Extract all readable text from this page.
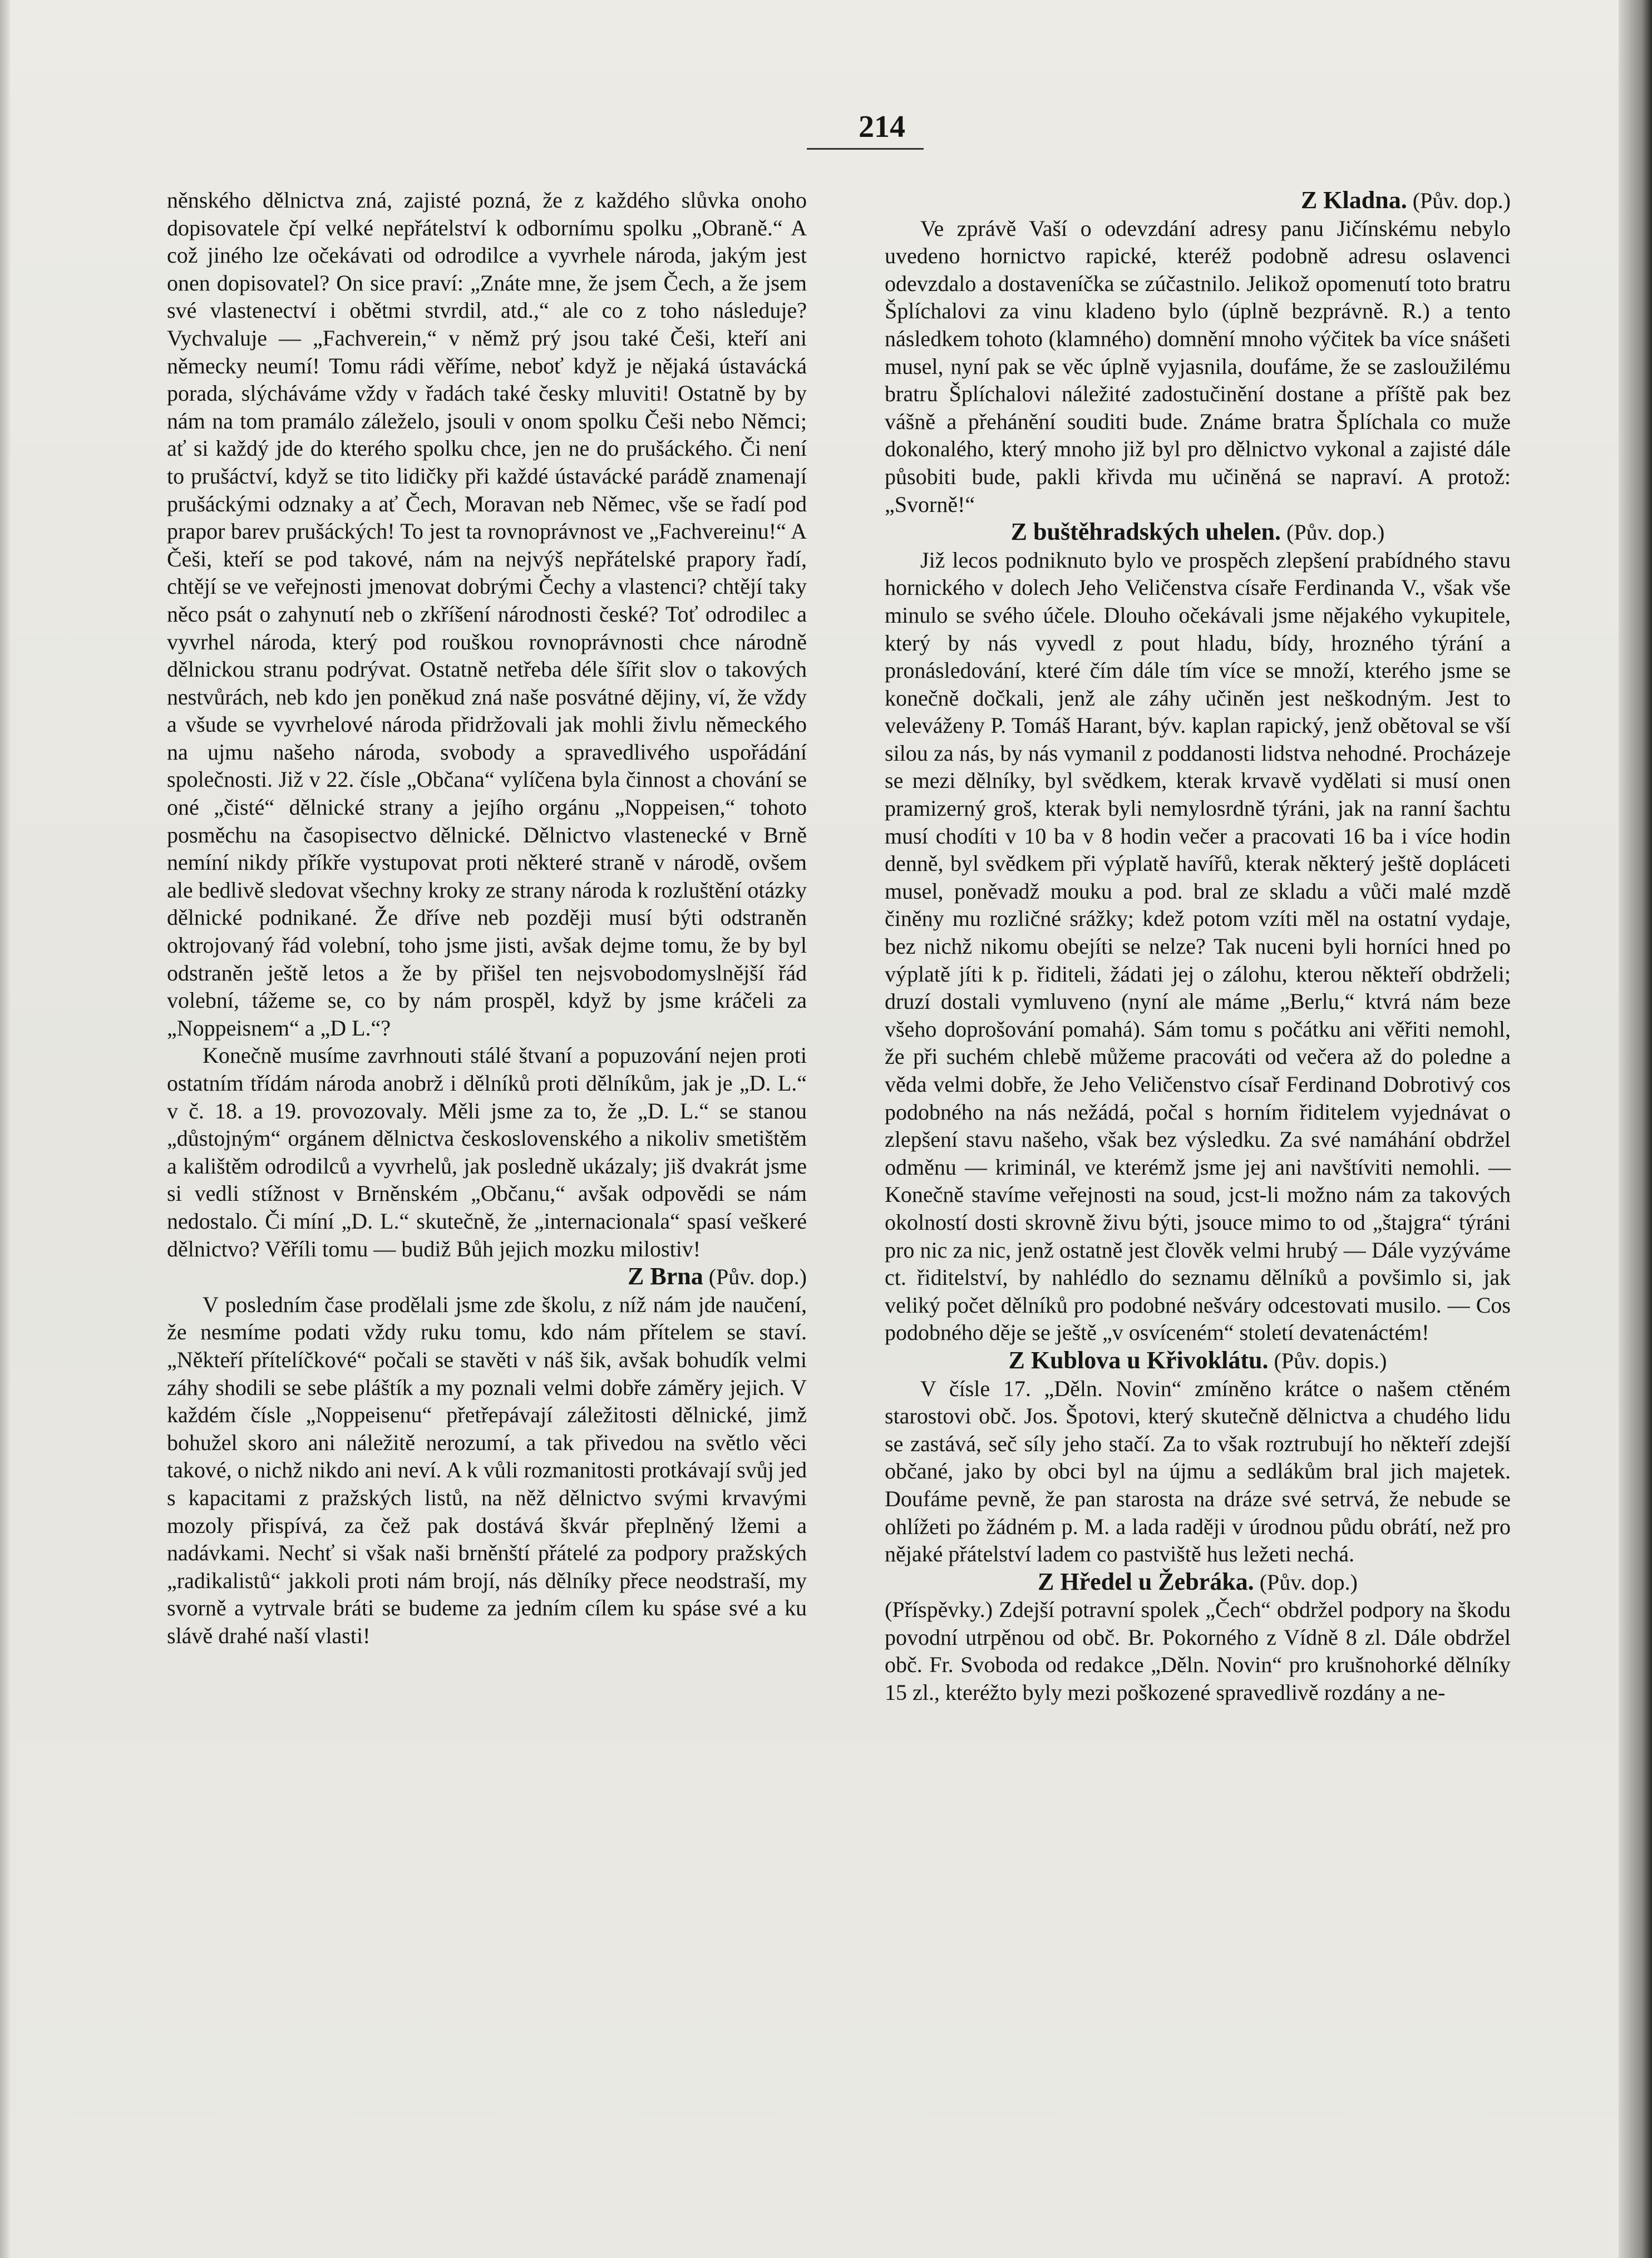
214

něnského dělnictva zná, zajisté pozná, že z každého slůvka onoho dopisovatele čpí velké nepřátelství k odbornímu spolku „Obraně.“ A což jiného lze očekávati od odrodilce a vyvrhele národa, jakým jest onen dopisovatel? On sice praví: „Znáte mne, že jsem Čech, a že jsem své vlastenectví i obětmi stvrdil, atd.,“ ale co z toho následuje? Vychvaluje — „Fachverein,“ v němž prý jsou také Češi, kteří ani německy neumí! Tomu rádi věříme, neboť když je nějaká ústavácká porada, slýcháváme vždy v řadách také česky mluviti! Ostatně by by nám na tom pramálo záleželo, jsouli v onom spolku Češi nebo Němci; ať si každý jde do kterého spolku chce, jen ne do prušáckého. Či není to prušáctví, když se tito lidičky při každé ústavácké parádě znamenají prušáckými odznaky a ať Čech, Moravan neb Němec, vše se řadí pod prapor barev prušáckých! To jest ta rovnoprávnost ve „Fachvereinu!“ A Češi, kteří se pod takové, nám na nejvýš nepřátelské prapory řadí, chtějí se ve veřejnosti jmenovat dobrými Čechy a vlastenci? chtějí taky něco psát o zahynutí neb o zkříšení národnosti české? Toť odrodilec a vyvrhel národa, který pod rouškou rovnoprávnosti chce národně dělnickou stranu podrývat. Ostatně netřeba déle šířit slov o takových nestvůrách, neb kdo jen poněkud zná naše posvátné dějiny, ví, že vždy a všude se vyvrhelové národa přidržovali jak mohli živlu německého na ujmu našeho národa, svobody a spravedlivého uspořádání společnosti. Již v 22. čísle „Občana“ vylíčena byla činnost a chování se oné „čisté“ dělnické strany a jejího orgánu „Noppeisen,“ tohoto posměchu na časopisectvo dělnické. Dělnictvo vlastenecké v Brně nemíní nikdy příkře vystupovat proti některé straně v národě, ovšem ale bedlivě sledovat všechny kroky ze strany národa k rozluštění otázky dělnické podnikané. Že dříve neb později musí býti odstraněn oktrojovaný řád volební, toho jsme jisti, avšak dejme tomu, že by byl odstraněn ještě letos a že by přišel ten nejsvobodomyslnější řád volební, tážeme se, co by nám prospěl, když by jsme kráčeli za „Noppeisnem“ a „D L.“?

Konečně musíme zavrhnouti stálé štvaní a popuzování nejen proti ostatním třídám národa anobrž i dělníků proti dělníkům, jak je „D. L.“ v č. 18. a 19. provozovaly. Měli jsme za to, že „D. L.“ se stanou „důstojným“ orgánem dělnictva československého a nikoliv smetištěm a kalištěm odrodilců a vyvrhelů, jak posledně ukázaly; jiš dvakrát jsme si vedli stížnost v Brněnském „Občanu,“ avšak odpovědi se nám nedostalo. Či míní „D. L.“ skutečně, že „internacionala“ spasí veškeré dělnictvo? Věříli tomu — budiž Bůh jejich mozku milostiv!

Z Brna (Pův. dop.)

V posledním čase prodělali jsme zde školu, z níž nám jde naučení, že nesmíme podati vždy ruku tomu, kdo nám přítelem se staví. „Někteří přítelíčkové“ počali se stavěti v náš šik, avšak bohudík velmi záhy shodili se sebe pláštík a my poznali velmi dobře záměry jejich. V každém čísle „Noppeisenu“ přetřepávají záležitosti dělnické, jimž bohužel skoro ani náležitě nerozumí, a tak přivedou na světlo věci takové, o nichž nikdo ani neví. A k vůli rozmanitosti protkávají svůj jed s kapacitami z pražských listů, na něž dělnictvo svými krvavými mozoly přispívá, za čež pak dostává škvár přeplněný lžemi a nadávkami. Nechť si však naši brněnští přátelé za podpory pražských „radikalistů“ jakkoli proti nám brojí, nás dělníky přece neodstraší, my svorně a vytrvale bráti se budeme za jedním cílem ku spáse své a ku slávě drahé naší vlasti!

Z Kladna. (Pův. dop.)

Ve zprávě Vaší o odevzdání adresy panu Jičínskému nebylo uvedeno hornictvo rapické, kteréž podobně adresu oslavenci odevzdalo a dostaveníčka se zúčastnilo. Jelikož opomenutí toto bratru Šplíchalovi za vinu kladeno bylo (úplně bezprávně. R.) a tento následkem tohoto (klamného) domnění mnoho výčitek ba více snášeti musel, nyní pak se věc úplně vyjasnila, doufáme, že se zasloužilému bratru Šplíchalovi náležité zadostučinění dostane a příště pak bez vášně a přehánění souditi bude. Známe bratra Šplíchala co muže dokonalého, který mnoho již byl pro dělnictvo vykonal a zajisté dále působiti bude, pakli křivda mu učiněná se napraví. A protož: „Svorně!“

Z buštěhradských uhelen. (Pův. dop.)

Již lecos podniknuto bylo ve prospěch zlepšení prabídného stavu hornického v dolech Jeho Veličenstva císaře Ferdinanda V., však vše minulo se svého účele. Dlouho očekávali jsme nějakého vykupitele, který by nás vyvedl z pout hladu, bídy, hrozného týrání a pronásledování, které čím dále tím více se množí, kterého jsme se konečně dočkali, jenž ale záhy učiněn jest neškodným. Jest to veleváženy P. Tomáš Harant, býv. kaplan rapický, jenž obětoval se vší silou za nás, by nás vymanil z poddanosti lidstva nehodné. Procházeje se mezi dělníky, byl svědkem, kterak krvavě vydělati si musí onen pramizerný groš, kterak byli nemylosrdně týráni, jak na ranní šachtu musí chodíti v 10 ba v 8 hodin večer a pracovati 16 ba i více hodin denně, byl svědkem při výplatě havířů, kterak některý ještě dopláceti musel, poněvadž mouku a pod. bral ze skladu a vůči malé mzdě činěny mu rozličné srážky; kdež potom vzíti měl na ostatní vydaje, bez nichž nikomu obejíti se nelze? Tak nuceni byli horníci hned po výplatě jíti k p. řiditeli, žádati jej o zálohu, kterou někteří obdrželi; druzí dostali vymluveno (nyní ale máme „Berlu,“ ktvrá nám beze všeho doprošování pomahá). Sám tomu s počátku ani věřiti nemohl, že při suchém chlebě můžeme pracováti od večera až do poledne a věda velmi dobře, že Jeho Veličenstvo císař Ferdinand Dobrotivý cos podobného na nás nežádá, počal s horním řiditelem vyjednávat o zlepšení stavu našeho, však bez výsledku. Za své namáhání obdržel odměnu — kriminál, ve kterémž jsme jej ani navštíviti nemohli. — Konečně stavíme veřejnosti na soud, jcst-li možno nám za takových okolností dosti skrovně živu býti, jsouce mimo to od „štajgra“ týráni pro nic za nic, jenž ostatně jest člověk velmi hrubý — Dále vyzýváme ct. řiditelství, by nahlédlo do seznamu dělníků a povšimlo si, jak veliký počet dělníků pro podobné nešváry odcestovati musilo. — Cos podobného děje se ještě „v osvíceném“ století devatenáctém!

Z Kublova u Křivoklátu. (Pův. dopis.)

V čísle 17. „Děln. Novin“ zmíněno krátce o našem ctěném starostovi obč. Jos. Špotovi, který skutečně dělnictva a chudého lidu se zastává, seč síly jeho stačí. Za to však roztrubují ho někteří zdejší občané, jako by obci byl na újmu a sedlákům bral jich majetek. Doufáme pevně, že pan starosta na dráze své setrvá, že nebude se ohlížeti po žádném p. M. a lada raději v úrodnou půdu obrátí, než pro nějaké přátelství ladem co pastviště hus ležeti nechá.

Z Hředel u Žebráka. (Pův. dop.)

(Příspěvky.) Zdejší potravní spolek „Čech“ obdržel podpory na škodu povodní utrpěnou od obč. Br. Pokorného z Vídně 8 zl. Dále obdržel obč. Fr. Svoboda od redakce „Děln. Novin“ pro krušnohorké dělníky 15 zl., kteréžto byly mezi poškozené spravedlivě rozdány a ne-
